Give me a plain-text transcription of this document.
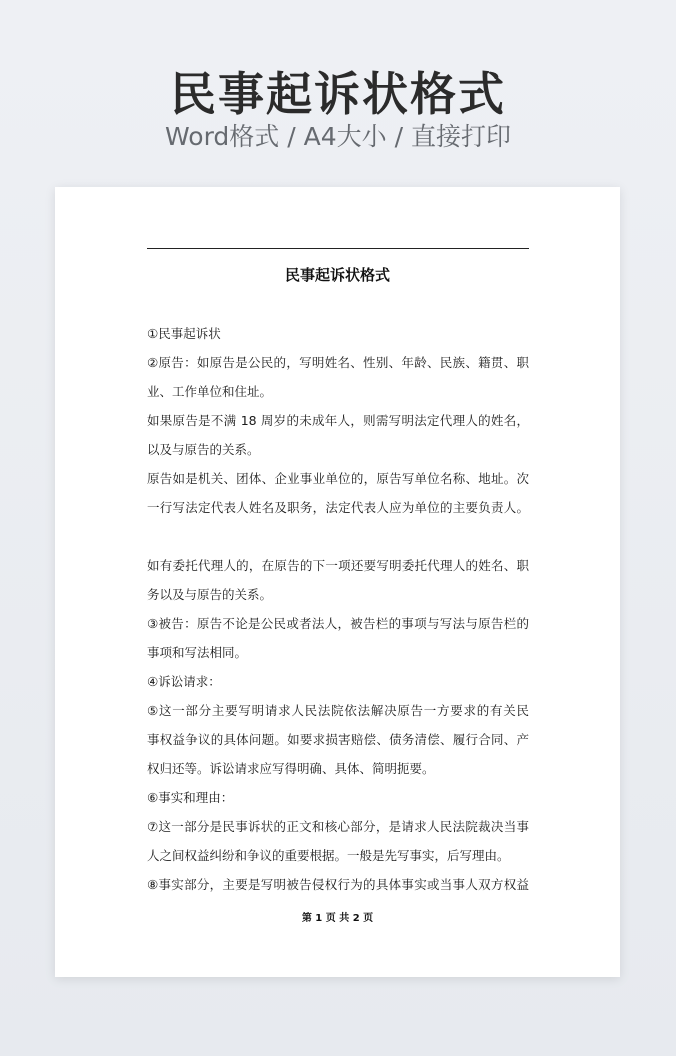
民事起诉状格式

Word格式 / A4大小 / 直接打印

民事起诉状格式
①民事起诉状
②原告：如原告是公民的，写明姓名、性别、年龄、民族、籍贯、职
业、工作单位和住址。
如果原告是不满 18 周岁的未成年人，则需写明法定代理人的姓名，
以及与原告的关系。
原告如是机关、团体、企业事业单位的，原告写单位名称、地址。次
一行写法定代表人姓名及职务，法定代表人应为单位的主要负责人。
如有委托代理人的，在原告的下一项还要写明委托代理人的姓名、职
务以及与原告的关系。
③被告：原告不论是公民或者法人，被告栏的事项与写法与原告栏的
事项和写法相同。
④诉讼请求：
⑤这一部分主要写明请求人民法院依法解决原告一方要求的有关民
事权益争议的具体问题。如要求损害赔偿、债务清偿、履行合同、产
权归还等。诉讼请求应写得明确、具体、简明扼要。
⑥事实和理由：
⑦这一部分是民事诉状的正文和核心部分，是请求人民法院裁决当事
人之间权益纠纷和争议的重要根据。一般是先写事实，后写理由。
⑧事实部分，主要是写明被告侵权行为的具体事实或当事人双方权益

第 1 页 共 2 页
